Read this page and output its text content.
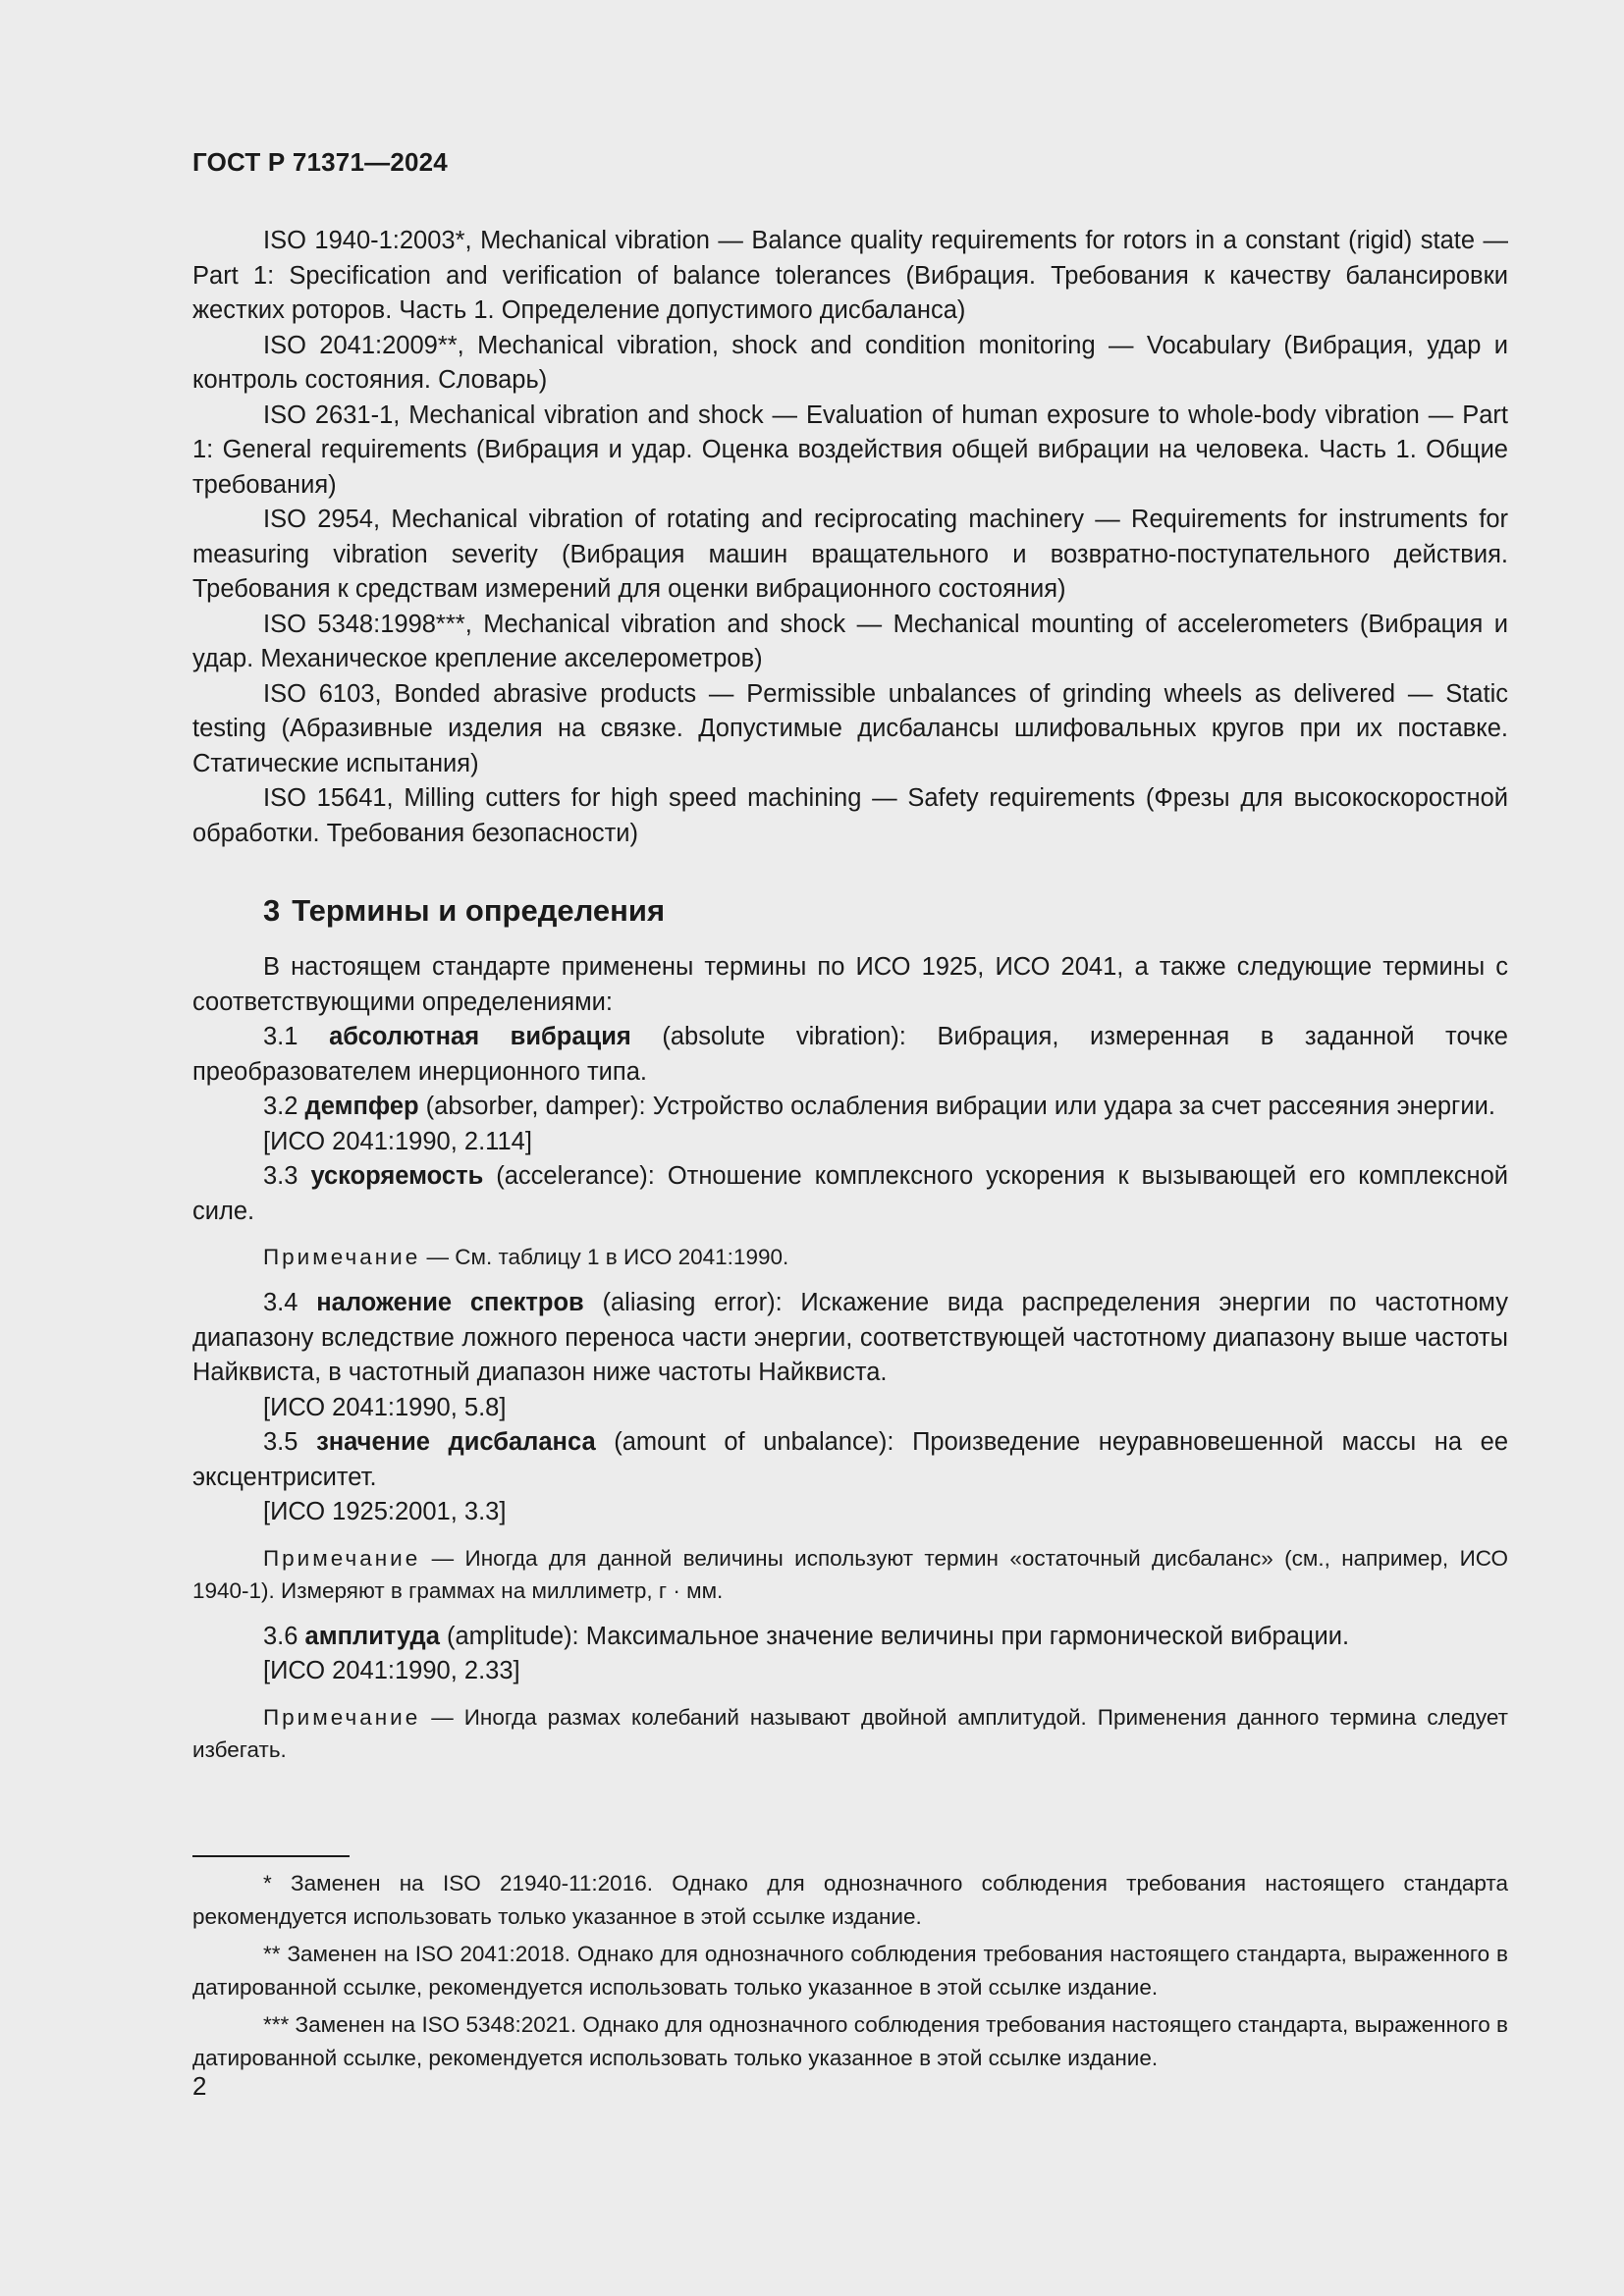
ГОСТ Р 71371—2024

ISO 1940-1:2003*, Mechanical vibration — Balance quality requirements for rotors in a constant (rigid) state — Part 1: Specification and verification of balance tolerances (Вибрация. Требования к качеству балансировки жестких роторов. Часть 1. Определение допустимого дисбаланса)

ISO 2041:2009**, Mechanical vibration, shock and condition monitoring — Vocabulary (Вибрация, удар и контроль состояния. Словарь)

ISO 2631-1, Mechanical vibration and shock — Evaluation of human exposure to whole-body vibration — Part 1: General requirements (Вибрация и удар. Оценка воздействия общей вибрации на человека. Часть 1. Общие требования)

ISO 2954, Mechanical vibration of rotating and reciprocating machinery — Requirements for instruments for measuring vibration severity (Вибрация машин вращательного и возвратно-поступательного действия. Требования к средствам измерений для оценки вибрационного состояния)

ISO 5348:1998***, Mechanical vibration and shock — Mechanical mounting of accelerometers (Вибрация и удар. Механическое крепление акселерометров)

ISO 6103, Bonded abrasive products — Permissible unbalances of grinding wheels as delivered — Static testing (Абразивные изделия на связке. Допустимые дисбалансы шлифовальных кругов при их поставке. Статические испытания)

ISO 15641, Milling cutters for high speed machining — Safety requirements (Фрезы для высокоскоростной обработки. Требования безопасности)

3 Термины и определения

В настоящем стандарте применены термины по ИСО 1925, ИСО 2041, а также следующие термины с соответствующими определениями:

3.1 абсолютная вибрация (absolute vibration): Вибрация, измеренная в заданной точке преобразователем инерционного типа.

3.2 демпфер (absorber, damper): Устройство ослабления вибрации или удара за счет рассеяния энергии.

[ИСО 2041:1990, 2.114]

3.3 ускоряемость (accelerance): Отношение комплексного ускорения к вызывающей его комплексной силе.

Примечание — См. таблицу 1 в ИСО 2041:1990.

3.4 наложение спектров (aliasing error): Искажение вида распределения энергии по частотному диапазону вследствие ложного переноса части энергии, соответствующей частотному диапазону выше частоты Найквиста, в частотный диапазон ниже частоты Найквиста.

[ИСО 2041:1990, 5.8]

3.5 значение дисбаланса (amount of unbalance): Произведение неуравновешенной массы на ее эксцентриситет.

[ИСО 1925:2001, 3.3]

Примечание — Иногда для данной величины используют термин «остаточный дисбаланс» (см., например, ИСО 1940-1). Измеряют в граммах на миллиметр, г · мм.

3.6 амплитуда (amplitude): Максимальное значение величины при гармонической вибрации.

[ИСО 2041:1990, 2.33]

Примечание — Иногда размах колебаний называют двойной амплитудой. Применения данного термина следует избегать.

* Заменен на ISO 21940-11:2016. Однако для однозначного соблюдения требования настоящего стандарта рекомендуется использовать только указанное в этой ссылке издание.

** Заменен на ISO 2041:2018. Однако для однозначного соблюдения требования настоящего стандарта, выраженного в датированной ссылке, рекомендуется использовать только указанное в этой ссылке издание.

*** Заменен на ISO 5348:2021. Однако для однозначного соблюдения требования настоящего стандарта, выраженного в датированной ссылке, рекомендуется использовать только указанное в этой ссылке издание.

2
